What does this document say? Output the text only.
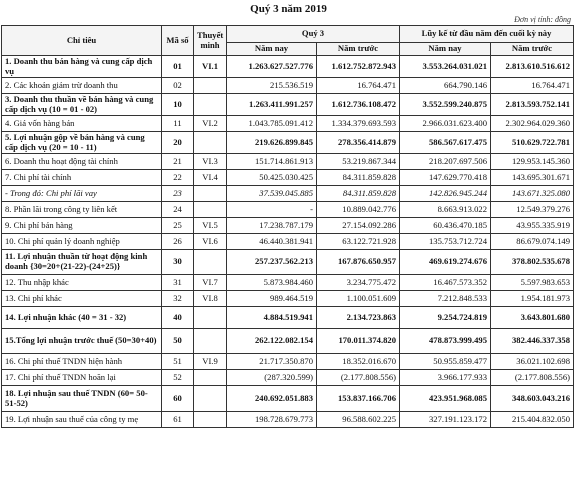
Quý 3 năm 2019
Đơn vị tính: đồng
Chỉ tiêu	Mã số	Thuyết minh	Quý 3		Lũy kế từ đầu năm đến cuối kỳ này	
			Năm nay	Năm trước	Năm nay	Năm trước
1. Doanh thu bán hàng và cung cấp dịch vụ	01	VI.1	1.263.627.527.776	1.612.752.872.943	3.553.264.031.021	2.813.610.516.612
2. Các khoản giảm trừ doanh thu	02		215.536.519	16.764.471	664.790.146	16.764.471
3. Doanh thu thuần về bán hàng và cung cấp dịch vụ (10 = 01 - 02)	10		1.263.411.991.257	1.612.736.108.472	3.552.599.240.875	2.813.593.752.141
4. Giá vốn hàng bán	11	VI.2	1.043.785.091.412	1.334.379.693.593	2.966.031.623.400	2.302.964.029.360
5. Lợi nhuận gộp về bán hàng và cung cấp dịch vụ (20 = 10 - 11)	20		219.626.899.845	278.356.414.879	586.567.617.475	510.629.722.781
6. Doanh thu hoạt động tài chính	21	VI.3	151.714.861.913	53.219.867.344	218.207.697.506	129.953.145.360
7. Chi phí tài chính	22	VI.4	50.425.030.425	84.311.859.828	147.629.770.418	143.695.301.671
- Trong đó: Chi phí lãi vay	23		37.539.045.885	84.311.859.828	142.826.945.244	143.671.325.080
8. Phần lãi trong công ty liên kết	24		-	10.889.042.776	8.663.913.022	12.549.379.276
9. Chi phí bán hàng	25	VI.5	17.238.787.179	27.154.092.286	60.436.470.185	43.955.335.919
10. Chi phí quản lý doanh nghiệp	26	VI.6	46.440.381.941	63.122.721.928	135.753.712.724	86.679.074.149
11. Lợi nhuận thuần từ hoạt động kinh doanh {30=20+(21-22)-(24+25)}	30		257.237.562.213	167.876.650.957	469.619.274.676	378.802.535.678
12. Thu nhập khác	31	VI.7	5.873.984.460	3.234.775.472	16.467.573.352	5.597.983.653
13. Chi phí khác	32	VI.8	989.464.519	1.100.051.609	7.212.848.533	1.954.181.973
14. Lợi nhuận khác (40 = 31 - 32)	40		4.884.519.941	2.134.723.863	9.254.724.819	3.643.801.680
15.Tổng lợi nhuận trước thuế (50=30+40)	50		262.122.082.154	170.011.374.820	478.873.999.495	382.446.337.358
16. Chi phí thuế TNDN hiện hành	51	VI.9	21.717.350.870	18.352.016.670	50.955.859.477	36.021.102.698
17. Chi phí thuế TNDN hoãn lại	52		(287.320.599)	(2.177.808.556)	3.966.177.933	(2.177.808.556)
18. Lợi nhuận sau thuế TNDN (60= 50-51-52)	60		240.692.051.883	153.837.166.706	423.951.968.085	348.603.043.216
19. Lợi nhuận sau thuế của công ty mẹ	61		198.728.679.773	96.588.602.225	327.191.123.172	215.404.832.050
